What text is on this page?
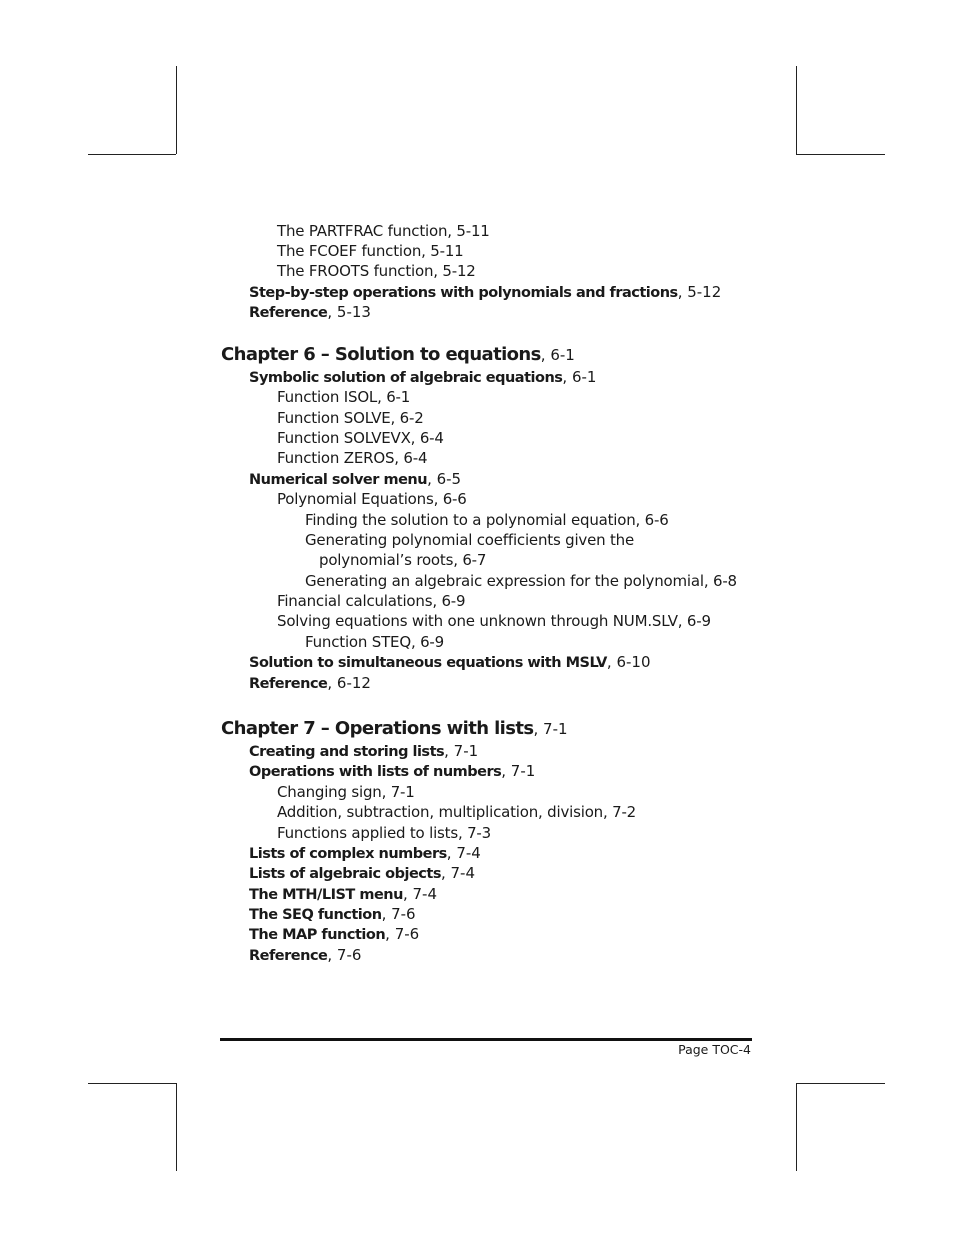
The PARTFRAC function, 5-11
The FCOEF function, 5-11
The FROOTS function, 5-12
Step-by-step operations with polynomials and fractions, 5-12
Reference, 5-13
Chapter 6 – Solution to equations, 6-1
Symbolic solution of algebraic equations, 6-1
Function ISOL, 6-1
Function SOLVE, 6-2
Function SOLVEVX, 6-4
Function ZEROS, 6-4
Numerical solver menu, 6-5
Polynomial Equations, 6-6
Finding the solution to a polynomial equation, 6-6
Generating polynomial coefficients given the
polynomial’s roots, 6-7
Generating an algebraic expression for the polynomial, 6-8
Financial calculations, 6-9
Solving equations with one unknown through NUM.SLV, 6-9
Function STEQ, 6-9
Solution to simultaneous equations with MSLV, 6-10
Reference, 6-12
Chapter 7 – Operations with lists, 7-1
Creating and storing lists, 7-1
Operations with lists of numbers, 7-1
Changing sign, 7-1
Addition, subtraction, multiplication, division, 7-2
Functions applied to lists, 7-3
Lists of complex numbers, 7-4
Lists of algebraic objects, 7-4
The MTH/LIST menu, 7-4
The SEQ function, 7-6
The MAP function, 7-6
Reference, 7-6
Page TOC-4
